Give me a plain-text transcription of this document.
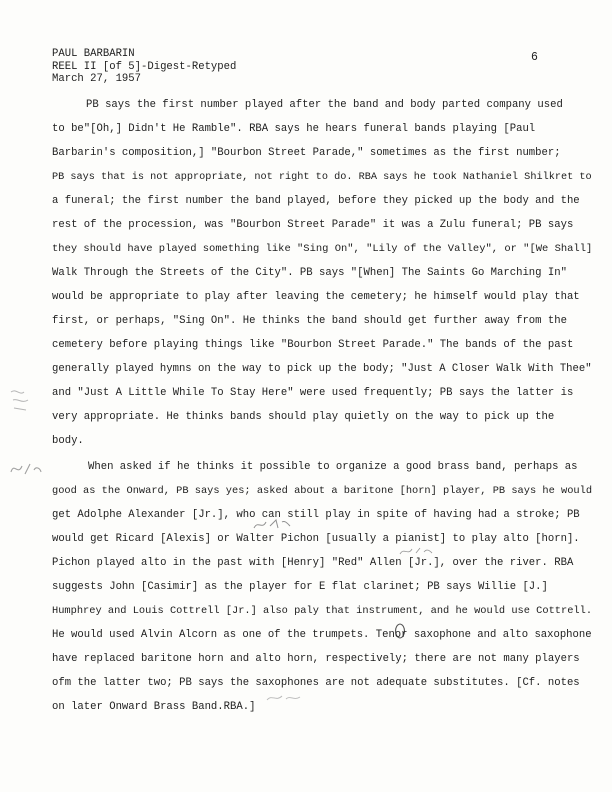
PAUL BARBARIN
REEL II [of 5]-Digest-Retyped
March 27, 1957
6
PB says the first number played after the band and body parted company used
to be"[Oh,] Didn't He Ramble". RBA says he hears funeral bands playing [Paul
Barbarin's composition,] "Bourbon Street Parade," sometimes as the first number;
PB says that is not appropriate, not right to do. RBA says he took Nathaniel Shilkret to
a funeral; the first number the band played, before they picked up the body and the
rest of the procession, was "Bourbon Street Parade" it was a Zulu funeral; PB says
they should have played something like "Sing On", "Lily of the Valley", or "[We Shall]
Walk Through the Streets of the City". PB says "[When] The Saints Go Marching In"
would be appropriate to play after leaving the cemetery; he himself would play that
first, or perhaps, "Sing On". He thinks the band should get further away from the
cemetery before playing things like "Bourbon Street Parade." The bands of the past
generally played hymns on the way to pick up the body; "Just A Closer Walk With Thee"
and "Just A Little While To Stay Here" were used frequently; PB says the latter is
very appropriate. He thinks bands should play quietly on the way to pick up the
body.
When asked if he thinks it possible to organize a good brass band, perhaps as
good as the Onward, PB says yes; asked about a baritone [horn] player, PB says he would
get Adolphe Alexander [Jr.], who can still play in spite of having had a stroke; PB
would get Ricard [Alexis] or Walter Pichon [usually a pianist] to play alto [horn].
Pichon played alto in the past with [Henry] "Red" Allen [Jr.], over the river. RBA
suggests John [Casimir] as the player for E flat clarinet; PB says Willie [J.]
Humphrey and Louis Cottrell [Jr.] also paly that instrument, and he would use Cottrell.
He would used Alvin Alcorn as one of the trumpets. Tenor saxophone and alto saxophone
have replaced baritone horn and alto horn, respectively; there are not many players
ofm the latter two; PB says the saxophones are not adequate substitutes. [Cf. notes
on later Onward Brass Band.RBA.]
